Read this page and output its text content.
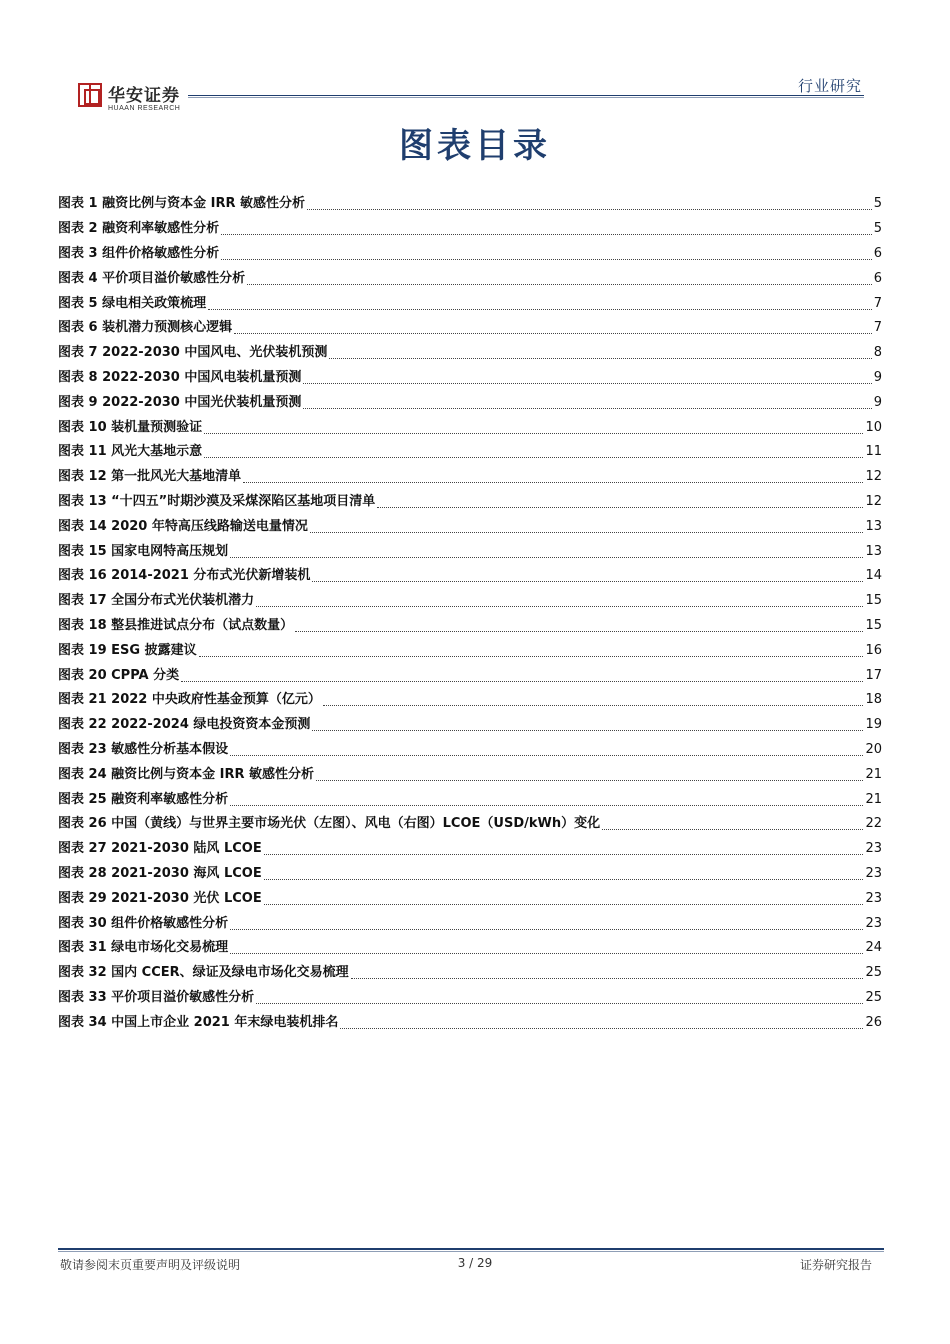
华安证券
HUAAN RESEARCH
行业研究
图表目录
图表 1 融资比例与资本金 IRR 敏感性分析	5
图表 2 融资利率敏感性分析	5
图表 3 组件价格敏感性分析	6
图表 4 平价项目溢价敏感性分析	6
图表 5 绿电相关政策梳理	7
图表 6 装机潜力预测核心逻辑	7
图表 7 2022-2030 中国风电、光伏装机预测	8
图表 8 2022-2030 中国风电装机量预测	9
图表 9 2022-2030 中国光伏装机量预测	9
图表 10 装机量预测验证	10
图表 11 风光大基地示意	11
图表 12 第一批风光大基地清单	12
图表 13 “十四五”时期沙漠及采煤深陷区基地项目清单	12
图表 14 2020 年特高压线路输送电量情况	13
图表 15 国家电网特高压规划	13
图表 16 2014-2021 分布式光伏新增装机	14
图表 17 全国分布式光伏装机潜力	15
图表 18 整县推进试点分布（试点数量）	15
图表 19 ESG 披露建议	16
图表 20 CPPA 分类	17
图表 21 2022 中央政府性基金预算（亿元）	18
图表 22 2022-2024 绿电投资资本金预测	19
图表 23 敏感性分析基本假设	20
图表 24 融资比例与资本金 IRR 敏感性分析	21
图表 25 融资利率敏感性分析	21
图表 26 中国（黄线）与世界主要市场光伏（左图）、风电（右图）LCOE（USD/kWh）变化	22
图表 27 2021-2030 陆风 LCOE	23
图表 28 2021-2030 海风 LCOE	23
图表 29 2021-2030 光伏 LCOE	23
图表 30 组件价格敏感性分析	23
图表 31 绿电市场化交易梳理	24
图表 32 国内 CCER、绿证及绿电市场化交易梳理	25
图表 33 平价项目溢价敏感性分析	25
图表 34 中国上市企业 2021 年末绿电装机排名	26
敬请参阅末页重要声明及评级说明	3 / 29	证券研究报告
